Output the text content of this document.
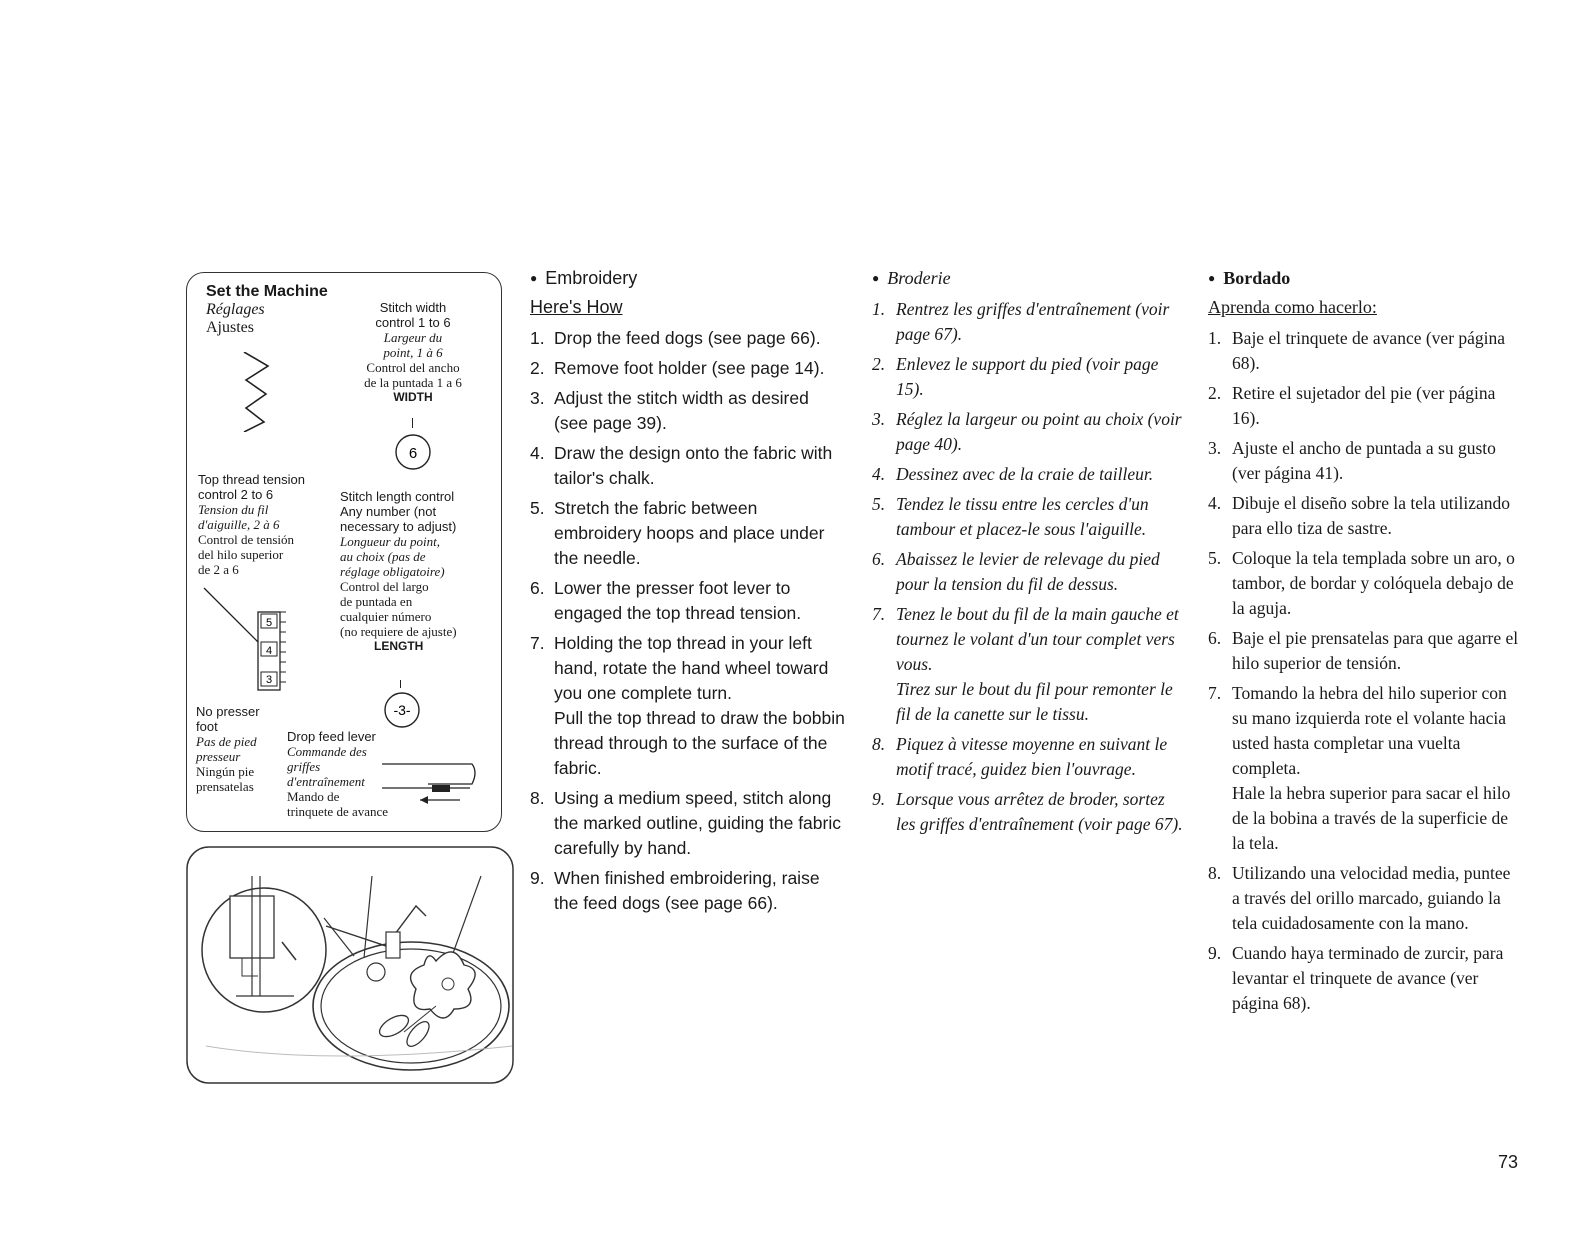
Set the Machine
Réglages
Ajustes
Stitch width
control 1 to 6
Largeur du
point, 1 à 6
Control del ancho
de la puntada 1 a 6
WIDTH
6
Top thread tension
control 2 to 6
Tension du fil
d'aiguille, 2 à 6
Control de tensión
del hilo superior
de 2 a 6
5
4
3
Stitch length control
Any number (not
necessary to adjust)
Longueur du point,
au choix (pas de
réglage obligatoire)
Control del largo
de puntada en
cualquier número
(no requiere de ajuste)
LENGTH
-3-
No presser
foot
Pas de pied
presseur
Ningún pie
prensatelas
Drop feed lever
Commande des
griffes
d'entraînement
Mando de
trinquete de avance
● Embroidery
Here's How
1. Drop the feed dogs (see page 66).
2. Remove foot holder (see page 14).
3. Adjust the stitch width as desired (see page 39).
4. Draw the design onto the fabric with tailor's chalk.
5. Stretch the fabric between embroidery hoops and place under the needle.
6. Lower the presser foot lever to engaged the top thread tension.
7. Holding the top thread in your left hand, rotate the hand wheel toward you one complete turn.
Pull the top thread to draw the bobbin thread through to the surface of the fabric.
8. Using a medium speed, stitch along the marked outline, guiding the fabric carefully by hand.
9. When finished embroidering, raise the feed dogs (see page 66).
● Broderie
1. Rentrez les griffes d'entraînement (voir page 67).
2. Enlevez le support du pied (voir page 15).
3. Réglez la largeur ou point au choix (voir page 40).
4. Dessinez avec de la craie de tailleur.
5. Tendez le tissu entre les cercles d'un tambour et placez-le sous l'aiguille.
6. Abaissez le levier de relevage du pied pour la tension du fil de dessus.
7. Tenez le bout du fil de la main gauche et tournez le volant d'un tour complet vers vous.
Tirez sur le bout du fil pour remonter le fil de la canette sur le tissu.
8. Piquez à vitesse moyenne en suivant le motif tracé, guidez bien l'ouvrage.
9. Lorsque vous arrêtez de broder, sortez les griffes d'entraînement (voir page 67).
● Bordado
Aprenda como hacerlo:
1. Baje el trinquete de avance (ver página 68).
2. Retire el sujetador del pie (ver página 16).
3. Ajuste el ancho de puntada a su gusto (ver página 41).
4. Dibuje el diseño sobre la tela utilizando para ello tiza de sastre.
5. Coloque la tela templada sobre un aro, o tambor, de bordar y colóquela debajo de la aguja.
6. Baje el pie prensatelas para que agarre el hilo superior de tensión.
7. Tomando la hebra del hilo superior con su mano izquierda rote el volante hacia usted hasta completar una vuelta completa.
Hale la hebra superior para sacar el hilo de la bobina a través de la superficie de la tela.
8. Utilizando una velocidad media, puntee a través del orillo marcado, guiando la tela cuidadosamente con la mano.
9. Cuando haya terminado de zurcir, para levantar el trinquete de avance (ver página 68).
73
